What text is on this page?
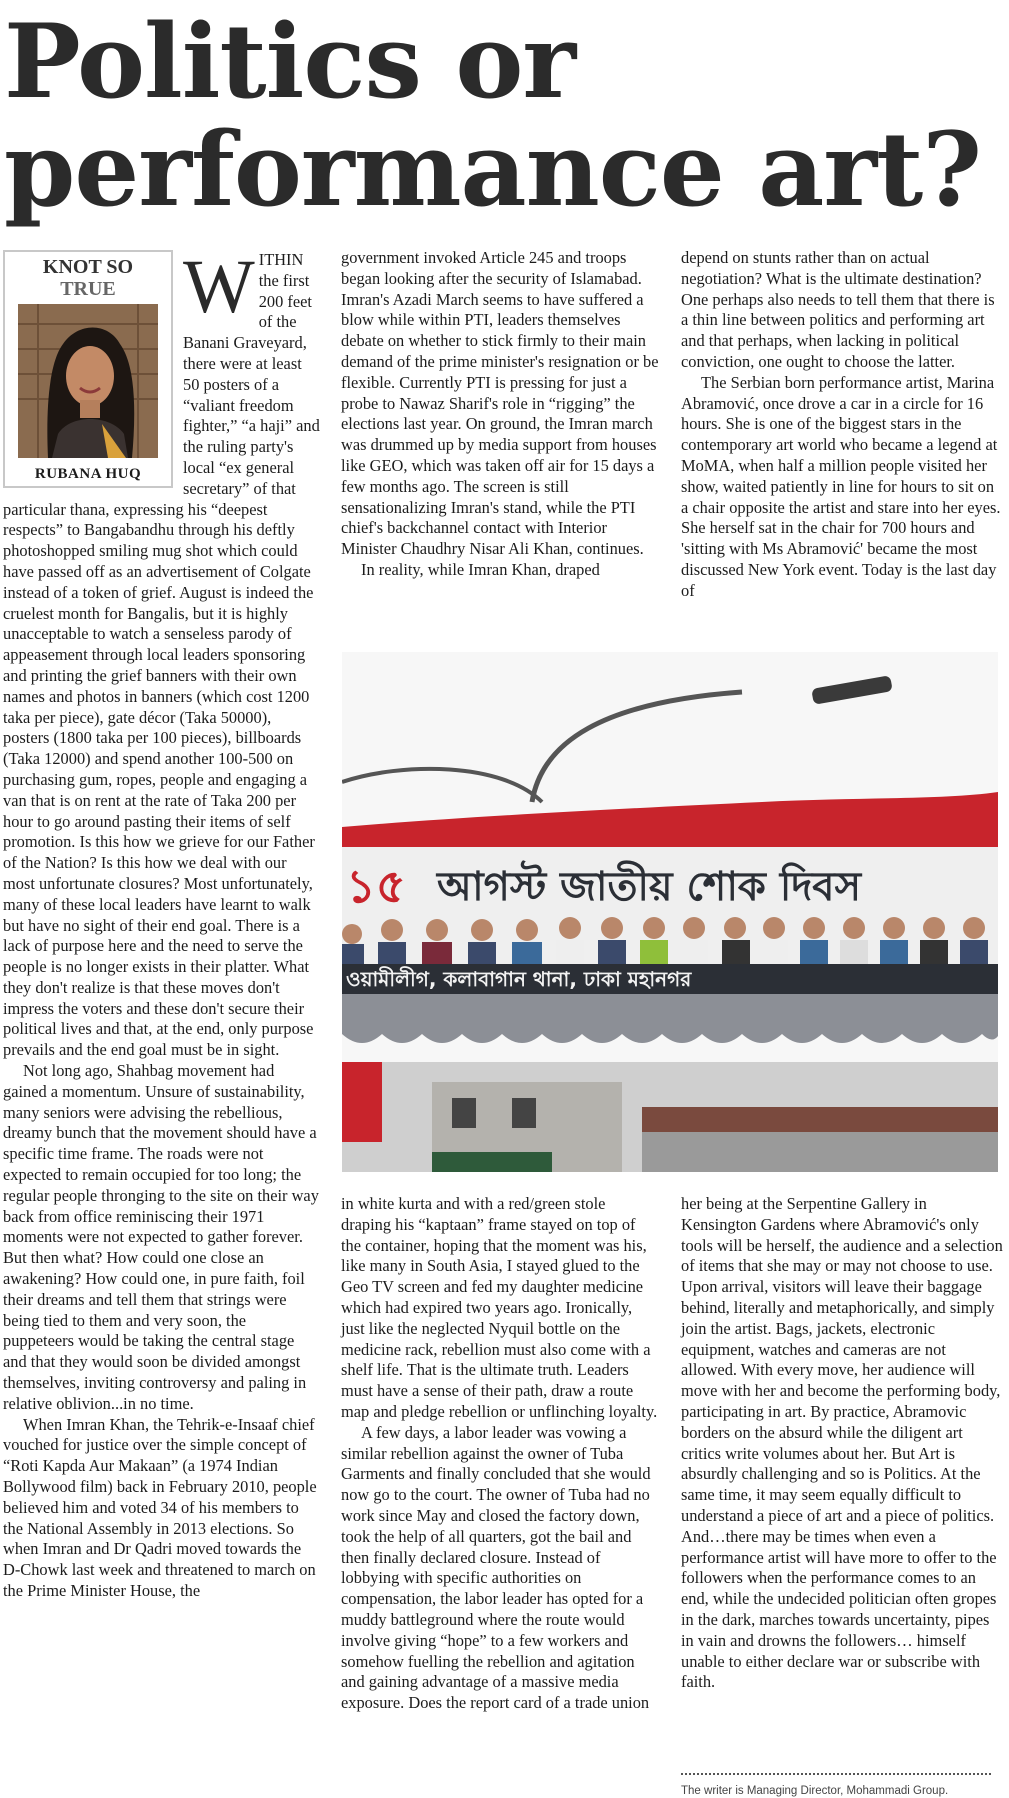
Politics or
performance art?
KNOT SO
TRUE
RUBANA HUQ
W ITHIN the first 200 feet of the Banani Graveyard, there were at least 50 posters of a “valiant freedom fighter,” “a haji” and the ruling party's local “ex general secretary” of that particular thana, expressing his “deepest respects” to Bangabandhu through his deftly photoshopped smiling mug shot which could have passed off as an advertisement of Colgate instead of a token of grief. August is indeed the cruelest month for Bangalis, but it is highly unacceptable to watch a senseless parody of appeasement through local leaders sponsoring and printing the grief banners with their own names and photos in banners (which cost 1200 taka per piece), gate décor (Taka 50000), posters (1800 taka per 100 pieces), billboards (Taka 12000) and spend another 100-500 on purchasing gum, ropes, people and engaging a van that is on rent at the rate of Taka 200 per hour to go around pasting their items of self promotion. Is this how we grieve for our Father of the Nation? Is this how we deal with our most unfortunate closures? Most unfortunately, many of these local leaders have learnt to walk but have no sight of their end goal. There is a lack of purpose here and the need to serve the people is no longer exists in their platter. What they don't realize is that these moves don't impress the voters and these don't secure their political lives and that, at the end, only purpose prevails and the end goal must be in sight.

Not long ago, Shahbag movement had gained a momentum. Unsure of sustainability, many seniors were advising the rebellious, dreamy bunch that the movement should have a specific time frame. The roads were not expected to remain occupied for too long; the regular people thronging to the site on their way back from office reminiscing their 1971 moments were not expected to gather forever. But then what? How could one close an awakening? How could one, in pure faith, foil their dreams and tell them that strings were being tied to them and very soon, the puppeteers would be taking the central stage and that they would soon be divided amongst themselves, inviting controversy and paling in relative oblivion...in no time.

When Imran Khan, the Tehrik-e-Insaaf chief vouched for justice over the simple concept of “Roti Kapda Aur Makaan” (a 1974 Indian Bollywood film) back in February 2010, people believed him and voted 34 of his members to the National Assembly in 2013 elections. So when Imran and Dr Qadri moved towards the D-Chowk last week and threatened to march on the Prime Minister House, the

government invoked Article 245 and troops began looking after the security of Islamabad. Imran's Azadi March seems to have suffered a blow while within PTI, leaders themselves debate on whether to stick firmly to their main demand of the prime minister's resignation or be flexible. Currently PTI is pressing for just a probe to Nawaz Sharif's role in “rigging” the elections last year. On ground, the Imran march was drummed up by media support from houses like GEO, which was taken off air for 15 days a few months ago. The screen is still sensationalizing Imran's stand, while the PTI chief's backchannel contact with Interior Minister Chaudhry Nisar Ali Khan, continues.

In reality, while Imran Khan, draped

depend on stunts rather than on actual negotiation? What is the ultimate destination? One perhaps also needs to tell them that there is a thin line between politics and performing art and that perhaps, when lacking in political conviction, one ought to choose the latter.

The Serbian born performance artist, Marina Abramović, once drove a car in a circle for 16 hours. She is one of the biggest stars in the contemporary art world who became a legend at MoMA, when half a million people visited her show, waited patiently in line for hours to sit on a chair opposite the artist and stare into her eyes. She herself sat in the chair for 700 hours and 'sitting with Ms Abramović' became the most discussed New York event. Today is the last day of

১৫ আগস্ট জাতীয় শোক দিবস
ওয়ামীলীগ, কলাবাগান থানা, ঢাকা মহানগর

in white kurta and with a red/green stole draping his “kaptaan” frame stayed on top of the container, hoping that the moment was his, like many in South Asia, I stayed glued to the Geo TV screen and fed my daughter medicine which had expired two years ago. Ironically, just like the neglected Nyquil bottle on the medicine rack, rebellion must also come with a shelf life. That is the ultimate truth. Leaders must have a sense of their path, draw a route map and pledge rebellion or unflinching loyalty.

A few days, a labor leader was vowing a similar rebellion against the owner of Tuba Garments and finally concluded that she would now go to the court. The owner of Tuba had no work since May and closed the factory down, took the help of all quarters, got the bail and then finally declared closure. Instead of lobbying with specific authorities on compensation, the labor leader has opted for a muddy battleground where the route would involve giving “hope” to a few workers and somehow fuelling the rebellion and agitation and gaining advantage of a massive media exposure. Does the report card of a trade union

her being at the Serpentine Gallery in Kensington Gardens where Abramović's only tools will be herself, the audience and a selection of items that she may or may not choose to use. Upon arrival, visitors will leave their baggage behind, literally and metaphorically, and simply join the artist. Bags, jackets, electronic equipment, watches and cameras are not allowed. With every move, her audience will move with her and become the performing body, participating in art. By practice, Abramovic borders on the absurd while the diligent art critics write volumes about her. But Art is absurdly challenging and so is Politics. At the same time, it may seem equally difficult to understand a piece of art and a piece of politics. And…there may be times when even a performance artist will have more to offer to the followers when the performance comes to an end, while the undecided politician often gropes in the dark, marches towards uncertainty, pipes in vain and drowns the followers… himself unable to either declare war or subscribe with faith.

The writer is Managing Director, Mohammadi Group.
